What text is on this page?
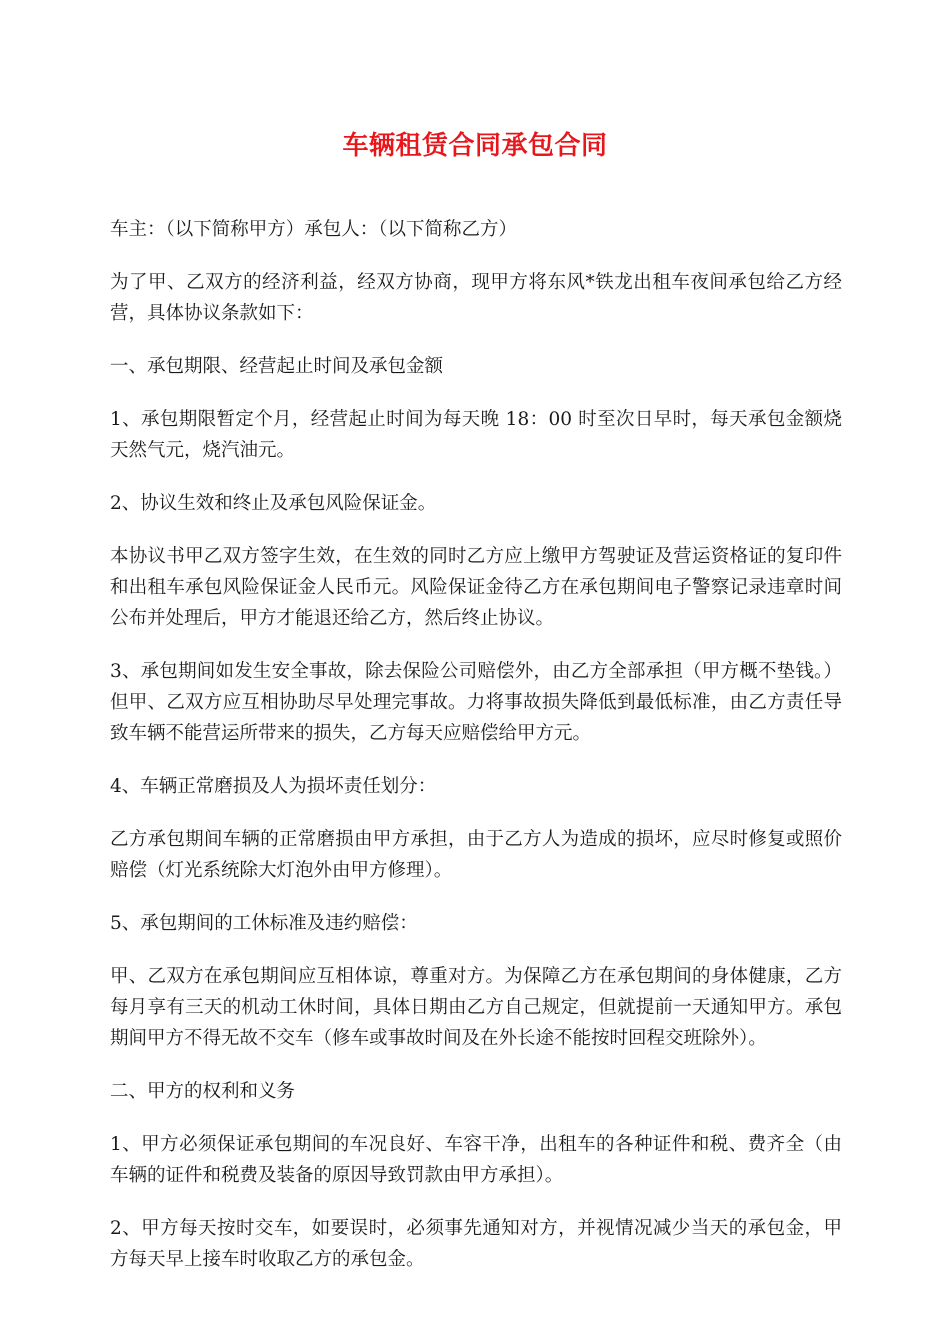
车辆租赁合同承包合同

车主：（以下简称甲方）承包人：（以下简称乙方）

为了甲、乙双方的经济利益，经双方协商，现甲方将东风*铁龙出租车夜间承包给乙方经营，具体协议条款如下：

一、承包期限、经营起止时间及承包金额

1、承包期限暂定个月，经营起止时间为每天晚 18：00 时至次日早时，每天承包金额烧天然气元，烧汽油元。

2、协议生效和终止及承包风险保证金。

本协议书甲乙双方签字生效，在生效的同时乙方应上缴甲方驾驶证及营运资格证的复印件和出租车承包风险保证金人民币元。风险保证金待乙方在承包期间电子警察记录违章时间公布并处理后，甲方才能退还给乙方，然后终止协议。

3、承包期间如发生安全事故，除去保险公司赔偿外，由乙方全部承担（甲方概不垫钱。）但甲、乙双方应互相协助尽早处理完事故。力将事故损失降低到最低标准，由乙方责任导致车辆不能营运所带来的损失，乙方每天应赔偿给甲方元。

4、车辆正常磨损及人为损坏责任划分：

乙方承包期间车辆的正常磨损由甲方承担，由于乙方人为造成的损坏，应尽时修复或照价赔偿（灯光系统除大灯泡外由甲方修理）。

5、承包期间的工休标准及违约赔偿：

甲、乙双方在承包期间应互相体谅，尊重对方。为保障乙方在承包期间的身体健康，乙方每月享有三天的机动工休时间，具体日期由乙方自己规定，但就提前一天通知甲方。承包期间甲方不得无故不交车（修车或事故时间及在外长途不能按时回程交班除外）。

二、甲方的权利和义务

1、甲方必须保证承包期间的车况良好、车容干净，出租车的各种证件和税、费齐全（由车辆的证件和税费及装备的原因导致罚款由甲方承担）。

2、甲方每天按时交车，如要误时，必须事先通知对方，并视情况减少当天的承包金，甲方每天早上接车时收取乙方的承包金。
